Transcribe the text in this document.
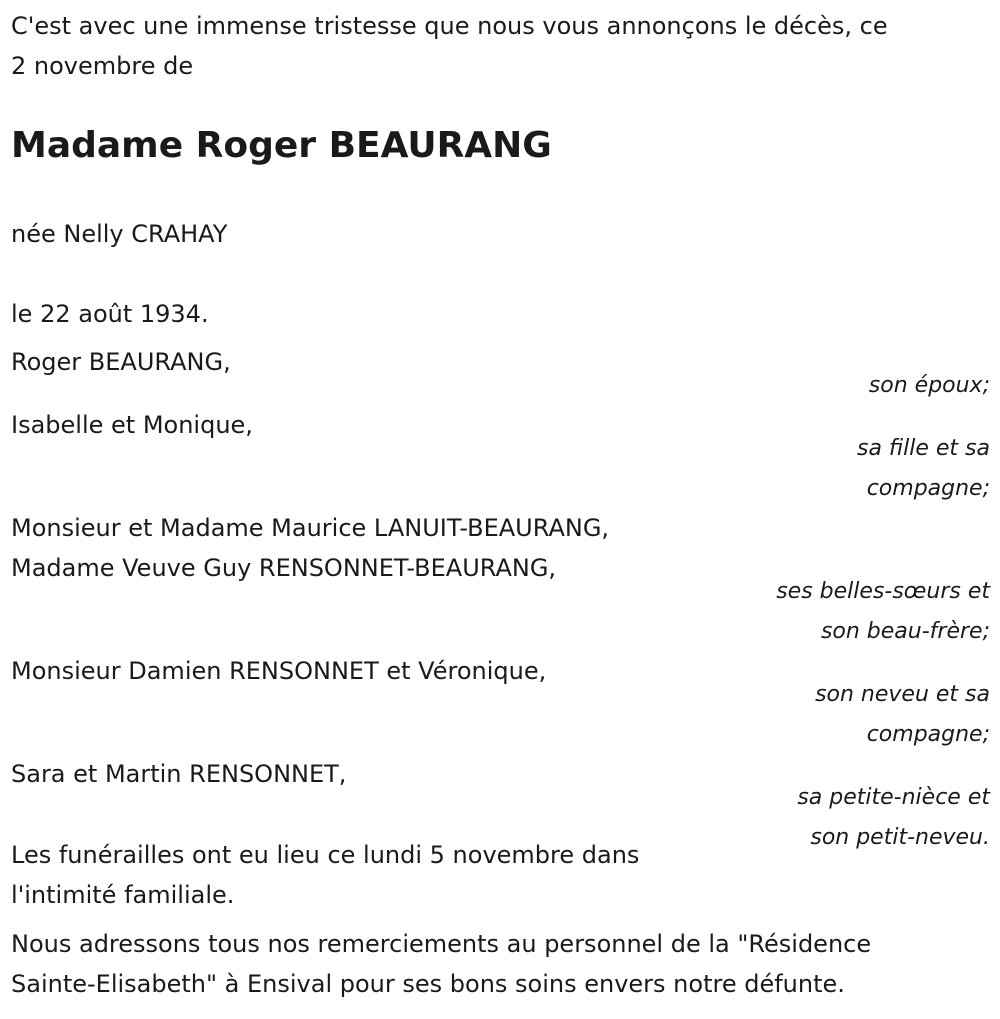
C'est avec une immense tristesse que nous vous annonçons le décès, ce

2 novembre de

Madame Roger BEAURANG

née Nelly CRAHAY

le 22 août 1934.

Roger BEAURANG,

son époux;

Isabelle et Monique,

sa fille et sa

compagne;

Monsieur et Madame Maurice LANUIT-BEAURANG,

Madame Veuve Guy RENSONNET-BEAURANG,

ses belles-sœurs et

son beau-frère;

Monsieur Damien RENSONNET et Véronique,

son neveu et sa

compagne;

Sara et Martin RENSONNET,

sa petite-nièce et

son petit-neveu.

Les funérailles ont eu lieu ce lundi 5 novembre dans

l'intimité familiale.

Nous adressons tous nos remerciements au personnel de la "Résidence

Sainte-Elisabeth" à Ensival pour ses bons soins envers notre défunte.
